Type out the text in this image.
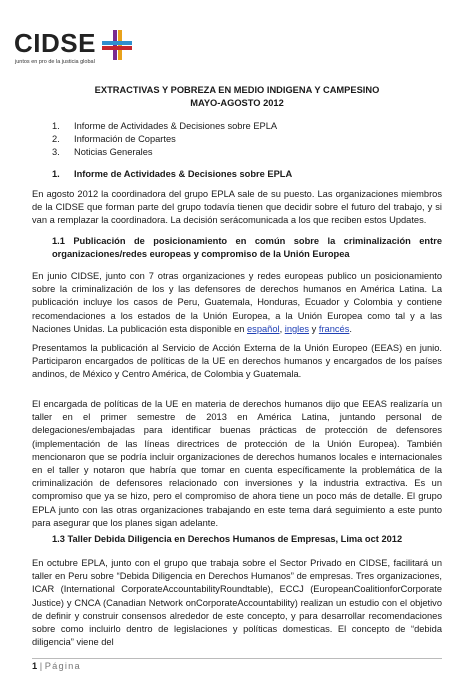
CIDSE
juntos en pro de la justicia global
EXTRACTIVAS Y POBREZA EN MEDIO INDIGENA Y CAMPESINO
MAYO-AGOSTO 2012
1. Informe de Actividades & Decisiones sobre EPLA
2. Información de Copartes
3. Noticias Generales
1. Informe de Actividades & Decisiones sobre EPLA
En agosto 2012 la coordinadora del grupo EPLA sale de su puesto. Las organizaciones miembros de la CIDSE que forman parte del grupo todavía tienen que decidir sobre el futuro del trabajo, y si van a remplazar la coordinadora. La decisión serácomunicada a los que reciben estos Updates.
1.1 Publicación de posicionamiento en común sobre la criminalización entre organizaciones/redes europeas y compromiso de la Unión Europea
En junio CIDSE, junto con 7 otras organizaciones y redes europeas publico un posicionamiento sobre la criminalización de los y las defensores de derechos humanos en América Latina. La publicación incluye los casos de Peru, Guatemala, Honduras, Ecuador y Colombia y contiene recomendaciones a los estados de la Unión Europea, a la Unión Europea como tal y a las Naciones Unidas. La publicación esta disponible en español, ingles y francés.
Presentamos la publicación al Servicio de Acción Externa de la Unión Europeo (EEAS) en junio. Participaron encargados de políticas de la UE en derechos humanos y encargados de los países andinos, de México y Centro América, de Colombia y Guatemala.
El encargada de políticas de la UE en materia de derechos humanos dijo que EEAS realizaría un taller en el primer semestre de 2013 en América Latina, juntando personal de delegaciones/embajadas para identificar buenas prácticas de protección de defensores (implementación de las líneas directrices de protección de la Unión Europea). También mencionaron que se podría incluir organizaciones de derechos humanos locales e internacionales en el taller y notaron que habría que tomar en cuenta específicamente la problemática de la criminalización de defensores relacionado con inversiones y la industria extractiva. Es un compromiso que ya se hizo, pero el compromiso de ahora tiene un poco más de detalle. El grupo EPLA junto con las otras organizaciones trabajando en este tema dará seguimiento a este punto para asegurar que los planes sigan adelante.
1.3 Taller Debida Diligencia en Derechos Humanos de Empresas, Lima oct 2012
En octubre EPLA, junto con el grupo que trabaja sobre el Sector Privado en CIDSE, facilitará un taller en Peru sobre “Debida Diligencia en Derechos Humanos” de empresas. Tres organizaciones, ICAR (International CorporateAccountabilityRoundtable), ECCJ (EuropeanCoalitionforCorporate Justice) y CNCA (Canadian Network onCorporateAccountability) realizan un estudio con el objetivo de definir y construir consensos alrededor de este concepto, y para desarrollar recomendaciones sobre como incluirlo dentro de legislaciones y políticas domesticas. El concepto de “debida diligencia” viene del
1 | Página
